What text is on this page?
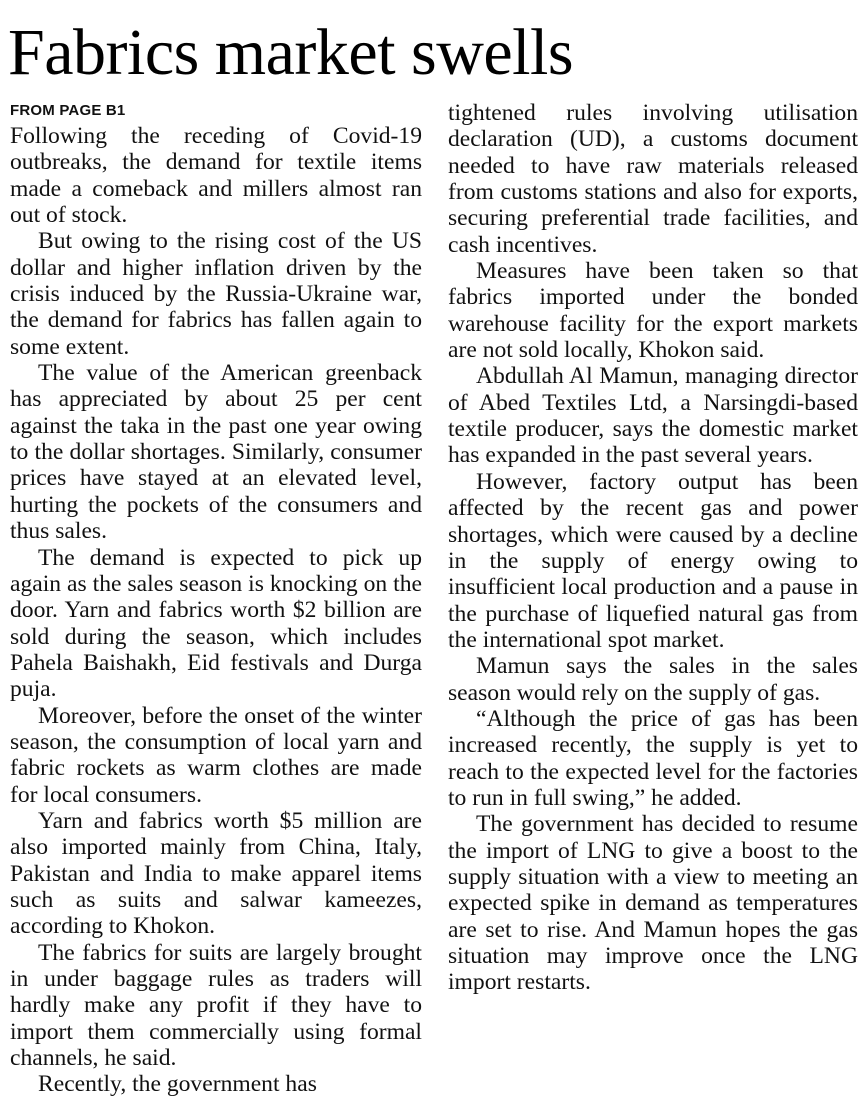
Fabrics market swells
FROM PAGE B1

Following the receding of Covid-19 outbreaks, the demand for textile items made a comeback and millers almost ran out of stock.

But owing to the rising cost of the US dollar and higher inflation driven by the crisis induced by the Russia-Ukraine war, the demand for fabrics has fallen again to some extent.

The value of the American greenback has appreciated by about 25 per cent against the taka in the past one year owing to the dollar shortages. Similarly, consumer prices have stayed at an elevated level, hurting the pockets of the consumers and thus sales.

The demand is expected to pick up again as the sales season is knocking on the door. Yarn and fabrics worth $2 billion are sold during the season, which includes Pahela Baishakh, Eid festivals and Durga puja.

Moreover, before the onset of the winter season, the consumption of local yarn and fabric rockets as warm clothes are made for local consumers.

Yarn and fabrics worth $5 million are also imported mainly from China, Italy, Pakistan and India to make apparel items such as suits and salwar kameezes, according to Khokon.

The fabrics for suits are largely brought in under baggage rules as traders will hardly make any profit if they have to import them commercially using formal channels, he said.

Recently, the government has

tightened rules involving utilisation declaration (UD), a customs document needed to have raw materials released from customs stations and also for exports, securing preferential trade facilities, and cash incentives.

Measures have been taken so that fabrics imported under the bonded warehouse facility for the export markets are not sold locally, Khokon said.

Abdullah Al Mamun, managing director of Abed Textiles Ltd, a Narsingdi-based textile producer, says the domestic market has expanded in the past several years.

However, factory output has been affected by the recent gas and power shortages, which were caused by a decline in the supply of energy owing to insufficient local production and a pause in the purchase of liquefied natural gas from the international spot market.

Mamun says the sales in the sales season would rely on the supply of gas.

“Although the price of gas has been increased recently, the supply is yet to reach to the expected level for the factories to run in full swing,” he added.

The government has decided to resume the import of LNG to give a boost to the supply situation with a view to meeting an expected spike in demand as temperatures are set to rise. And Mamun hopes the gas situation may improve once the LNG import restarts.
